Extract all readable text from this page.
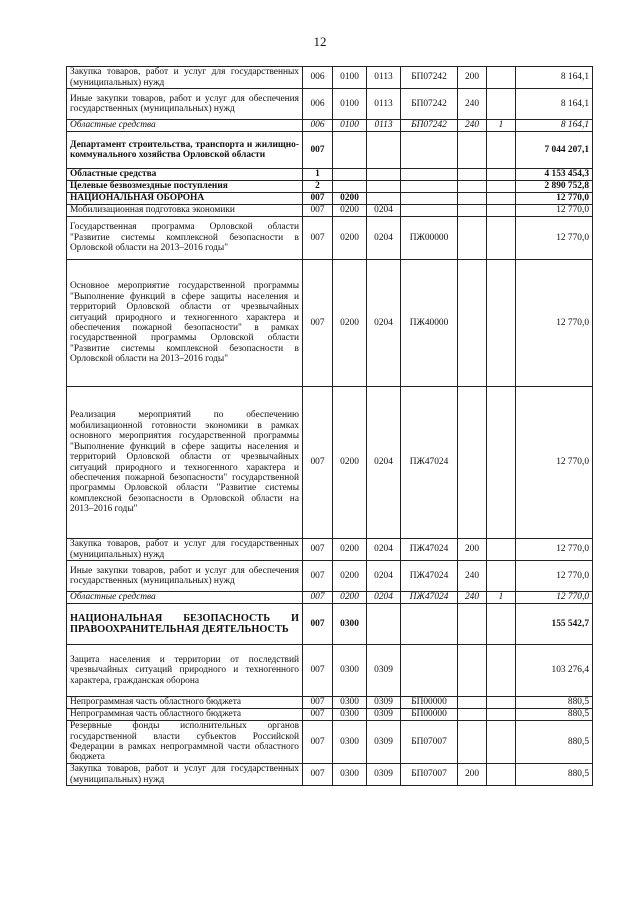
12
Закупка товаров, работ и услуг для государственных (муниципальных) нужд	006	0100	0113	БП07242	200		8 164,1
Иные закупки товаров, работ и услуг для обеспечения государственных (муниципальных) нужд	006	0100	0113	БП07242	240		8 164,1
Областные средства	006	0100	0113	БП07242	240	1	8 164,1
Департамент строительства, транспорта и жилищно-коммунального хозяйства Орловской области	007						7 044 207,1
Областные средства	1						4 153 454,3
Целевые безвозмездные поступления	2						2 890 752,8
НАЦИОНАЛЬНАЯ ОБОРОНА	007	0200					12 770,0
Мобилизационная подготовка экономики	007	0200	0204				12 770,0
Государственная программа Орловской области "Развитие системы комплексной безопасности в Орловской области на 2013–2016 годы"	007	0200	0204	ПЖ00000			12 770,0
Основное мероприятие государственной программы "Выполнение функций в сфере защиты населения и территорий Орловской области от чрезвычайных ситуаций природного и техногенного характера и обеспечения пожарной безопасности" в рамках государственной программы Орловской области "Развитие системы комплексной безопасности в Орловской области на 2013–2016 годы"	007	0200	0204	ПЖ40000			12 770,0
Реализация мероприятий по обеспечению мобилизационной готовности экономики в рамках основного мероприятия государственной программы "Выполнение функций в сфере защиты населения и территорий Орловской области от чрезвычайных ситуаций природного и техногенного характера и обеспечения пожарной безопасности" государственной программы Орловской области "Развитие системы комплексной безопасности в Орловской области на 2013–2016 годы"	007	0200	0204	ПЖ47024			12 770,0
Закупка товаров, работ и услуг для государственных (муниципальных) нужд	007	0200	0204	ПЖ47024	200		12 770,0
Иные закупки товаров, работ и услуг для обеспечения государственных (муниципальных) нужд	007	0200	0204	ПЖ47024	240		12 770,0
Областные средства	007	0200	0204	ПЖ47024	240	1	12 770,0
НАЦИОНАЛЬНАЯ БЕЗОПАСНОСТЬ И ПРАВООХРАНИТЕЛЬНАЯ ДЕЯТЕЛЬНОСТЬ	007	0300					155 542,7
Защита населения и территории от последствий чрезвычайных ситуаций природного и техногенного характера, гражданская оборона	007	0300	0309				103 276,4
Непрограммная часть областного бюджета	007	0300	0309	БП00000			880,5
Непрограммная часть областного бюджета	007	0300	0309	БП00000			880,5
Резервные фонды исполнительных органов государственной власти субъектов Российской Федерации в рамках непрограммной части областного бюджета	007	0300	0309	БП07007			880,5
Закупка товаров, работ и услуг для государственных (муниципальных) нужд	007	0300	0309	БП07007	200		880,5
